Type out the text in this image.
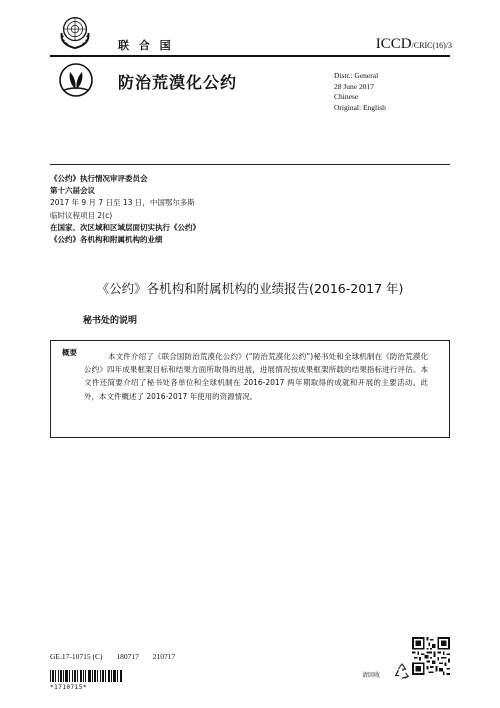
联 合 国	ICCD/CRIC(16)/3
防治荒漠化公约	Distr.: General
28 June 2017
Chinese
Original: English
《公约》执行情况审评委员会
第十六届会议
2017 年 9 月 7 日至 13 日，中国鄂尔多斯
临时议程项目 2(c)
在国家、次区域和区域层面切实执行《公约》
《公约》各机构和附属机构的业绩
《公约》各机构和附属机构的业绩报告(2016-2017 年)
秘书处的说明
概要	本文件介绍了《联合国防治荒漠化公约》(“防治荒漠化公约”)秘书处和全球机制在《防治荒漠化公约》四年成果框架目标和结果方面所取得的进展，进展情况按成果框架所载的结果指标进行评估。本文件还简要介绍了秘书处各单位和全球机制在 2016-2017 两年期取得的成就和开展的主要活动。此外，本文件概述了 2016-2017 年使用的资源情况。
GE.17-10715 (C) 180717 210717
*1710715*
请回收
